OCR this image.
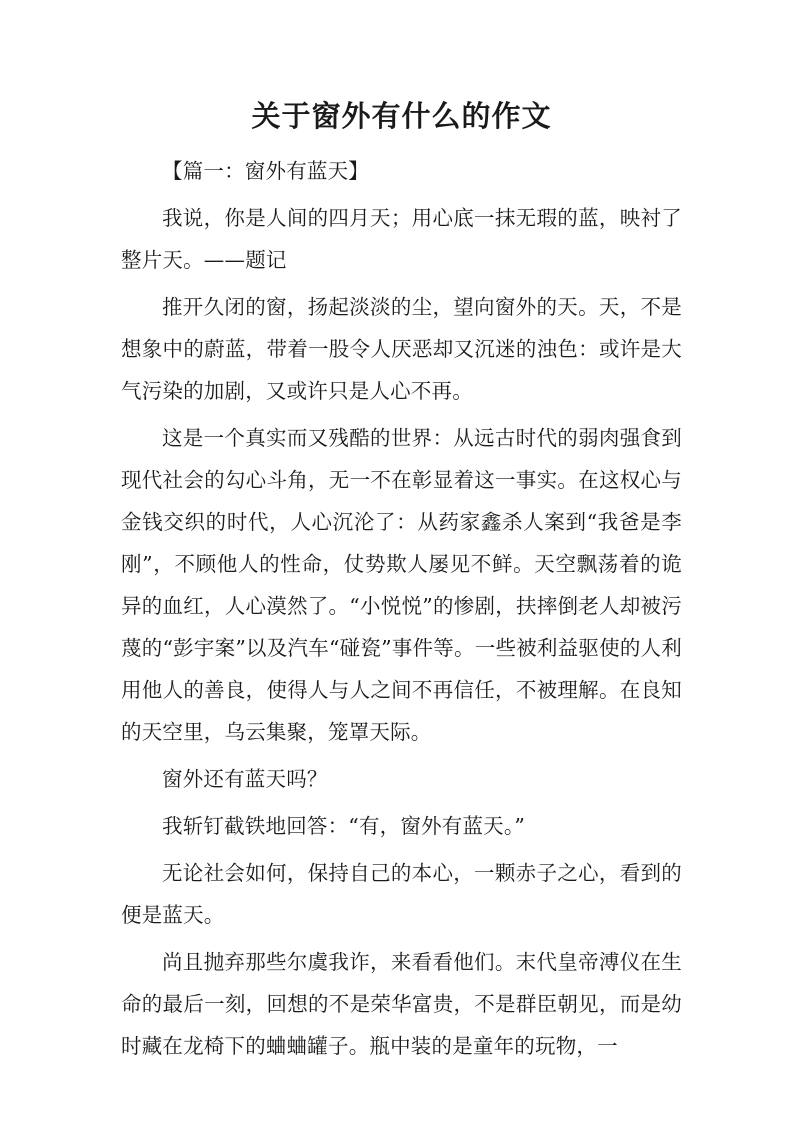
关于窗外有什么的作文

【篇一：窗外有蓝天】

我说，你是人间的四月天；用心底一抹无瑕的蓝，映衬了整片天。——题记

推开久闭的窗，扬起淡淡的尘，望向窗外的天。天，不是想象中的蔚蓝，带着一股令人厌恶却又沉迷的浊色：或许是大气污染的加剧，又或许只是人心不再。

这是一个真实而又残酷的世界：从远古时代的弱肉强食到现代社会的勾心斗角，无一不在彰显着这一事实。在这权心与金钱交织的时代，人心沉沦了：从药家鑫杀人案到“我爸是李刚”，不顾他人的性命，仗势欺人屡见不鲜。天空飘荡着的诡异的血红，人心漠然了。“小悦悦”的惨剧，扶摔倒老人却被污蔑的“彭宇案”以及汽车“碰瓷”事件等。一些被利益驱使的人利用他人的善良，使得人与人之间不再信任，不被理解。在良知的天空里，乌云集聚，笼罩天际。

窗外还有蓝天吗？

我斩钉截铁地回答：“有，窗外有蓝天。”

无论社会如何，保持自己的本心，一颗赤子之心，看到的便是蓝天。

尚且抛弃那些尔虞我诈，来看看他们。末代皇帝溥仪在生命的最后一刻，回想的不是荣华富贵，不是群臣朝见，而是幼时藏在龙椅下的蛐蛐罐子。瓶中装的是童年的玩物，一
